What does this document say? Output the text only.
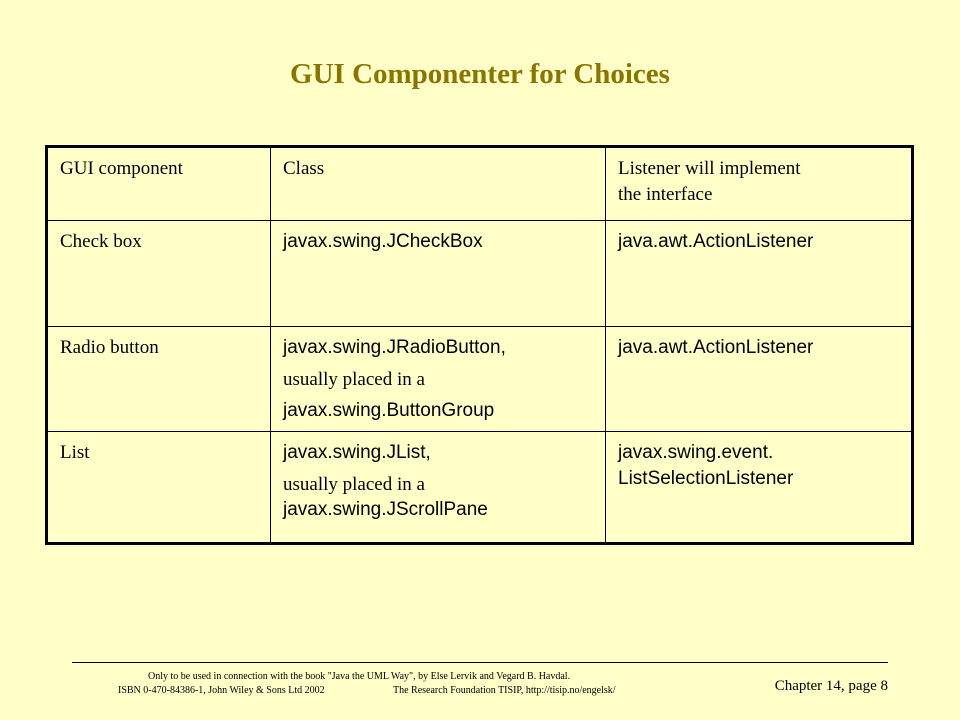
GUI Componenter for Choices
GUI component	Class	Listener will implement
the interface

Check box	javax.swing.JCheckBox	java.awt.ActionListener
Radio button	javax.swing.JRadioButton,
usually placed in a
javax.swing.ButtonGroup	java.awt.ActionListener
List	javax.swing.JList,
usually placed in a
javax.swing.JScrollPane	javax.swing.event.
ListSelectionListener
Only to be used in connection with the book "Java the UML Way", by Else Lervik and Vegard B. Havdal.
ISBN 0-470-84386-1, John Wiley & Sons Ltd 2002	The Research Foundation TISIP, http://tisip.no/engelsk/	Chapter 14, page 8
